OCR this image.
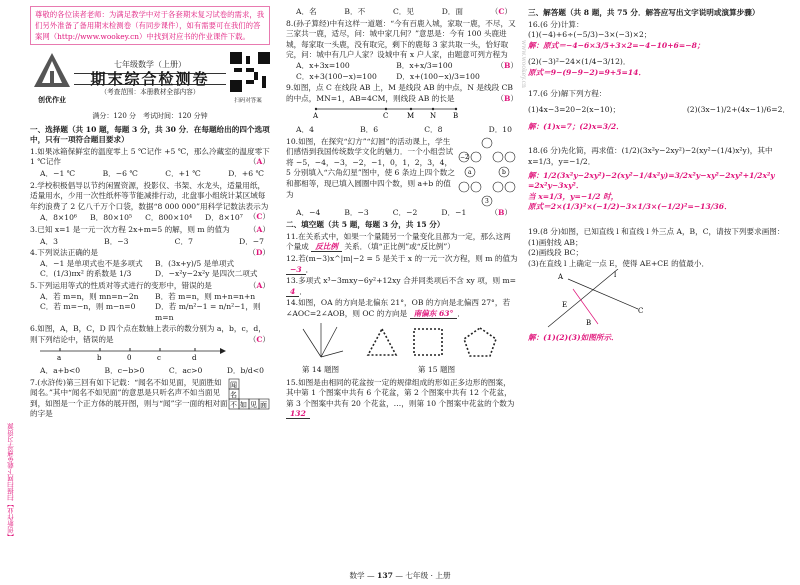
【创新作业】扫描扫网下载免费学习资源
www.wookey.cn
尊敬的各位读者老师：为满足教学中对于各套期末复习试卷的需求，我们另外准备了备用期末检测卷（有同步课件），如有需要可在我们的答案网（http://www.wookey.cn）中找到对应书的作业课件下载。
创优作业
七年级数学（上册）
期末综合检测卷
（考查范围：本册教材全部内容）
扫码对答案
满分：120 分　考试时间：120 分钟
一、选择题（共 10 题，每题 3 分，共 30 分．在每题给出的四个选项中，只有一项符合题目要求）
1.如果冰箱保鲜室的温度零上 5 ℃记作 +5 ℃，那么冷藏室的温度零下 1 ℃记作	（A）
A．−1 ℃	B．−6 ℃	C．+1 ℃	D．+6 ℃
2.学校积极倡导以节约闲置资源，投影仪、书架、水龙头，适量用纸，适量用水，少用一次性纸杯等节能减排行动，北盘事小组统计某区域每年约浪费了 2 亿八千万个口袋，数据“8 000 000”用科学记数法表示为
（C）
A．8×10⁶ B．80×10⁵ C．800×10⁴ D．8×10⁷
3.已知 x=1 是一元一次方程 2x+m=5 的解，则 m 的值为	（A）
A．3	B．−3	C．7	D．−7
4.下列说法正确的是	（D）
A．−1 是单项式也不是多项式	B．(3x+y)/5 是单项式
C．(1/3)πx² 的系数是 1/3	D．−x²y−2x²y 是四次二项式
5.下列运用等式的性质对等式进行的变形中，错误的是	（A）
A．若 m=n，则 mn=n−2n	B．若 m=n，则 m+n=n+n
C．若 m=−n，则 m−n=0	D．若 m/n²−1 = n/n²−1，则 m=n
6.如图，A，B，C，D 四个点在数轴上表示的数分别为 a，b，c，d，则下列结论中，错误的是	（C）
a	b	0	c	d
A．a+b<0	B．c−b>0	C．ac>0	D．b/d<0
7.(水浒传)第三回有如下记载：“闻名不如见面，见面胜如闻名。”其中“闻名不如见面”的意思是只听名声不如当面见到，如图是一个正方体的展开图，则与“闻”字一面的相对面的字是
闻
名
不 如 见 面
A．名	B．不	C．见	D．面	（C）
8.(孙子算经)中有这样一道题：“今有百鹿入城，家取一鹿，不尽，又三家共一鹿，适尽，问：城中家几何？”意思是：今有 100 头鹿进城，每家取一头鹿，没有取完，剩下的鹿每 3 家共取一头，恰好取完，问：城中有几户人家？设城中有 x 户人家，由题意可列方程为
（B）
A．x+3x=100	B．x+x/3=100
C．x+3(100−x)=100	D．x+(100−x)/3=100
9.如图，点 C 在线段 AB 上，M 是线段 AB 的中点，N 是线段 CB 的中点，MN=1，AB=4CM，则线段 AB 的长是	（B）
A	C	M N B
A．4	B．6	C．8	D．10
10.如图，在探究“幻方”“幻圆”的活动课上，学生们感悟到我国传统数学文化的魅力．一个小组尝试将 −5，−4，−3，−2，−1，0，1，2，3，4，5 分别填入“六角幻星”图中，使 6 条边上四个数之和都相等，现已填入圆圈中四个数，则 a+b 的值为
−2
a	b
3
A．−4	B．−3	C．−2	D．−1	（B）
二、填空题（共 5 题，每题 3 分，共 15 分）
11.在关系式中，如果一个量随另一个量变化且都为一定，那么这两个量成 反比例 关系．（填“正比例”或“反比例”）
12.若(m−3)x^|m|−2 = 5 是关于 x 的一元一次方程，则 m 的值为 −3 ．
13.多项式 x³−3mxy−6y²+12xy 合并同类项后不含 xy 项，则 m= 4 ．
14.如图，OA 的方向是北偏东 21°，OB 的方向是北偏西 27°，若∠AOC=2∠AOB，则 OC 的方向是 南偏东 63° ．
第 14 题图	第 15 题图
15.如图是由相同的花盆按一定的规律组成的形如正多边形的图案，其中第 1 个图案中共有 6 个花盆，第 2 个图案中共有 12 个花盆，第 3 个图案中共有 20 个花盆，…，则第 10 个图案中花盆的个数为 132
三、解答题（共 8 题，共 75 分．解答应写出文字说明或演算步骤）
16.(6 分)计算：
(1)(−4)+6÷(−5/3)−3×(−3)×2；
解：原式＝−4−6×3/5+3×2=−4−10+6=−8；
(2)(−3)²−24×(1/4−3/12)．
原式＝9−(9−9−2)=9+5=14．
17.(6 分)解下列方程：
(1)4x−3=20−2(x−10)；	(2)(3x−1)/2+(4x−1)/6=2．
解：(1)x=7；(2)x=3/2．
18.(6 分)先化简，再求值：(1/2)(3x²y−2xy²)−2(xy²−(1/4)x²y)，其中 x=1/3，y=−1/2．
解：1/2(3x²y−2xy²)−2(xy²−1/4x²y)=3/2x²y−xy²−2xy²+1/2x²y
=2x²y−3xy²．
当 x=1/3，y=−1/2 时，
原式＝2×(1/3)²×(−1/2)−3×1/3×(−1/2)²=−13/36．
19.(8 分)如图，已知直线 l 和直线 l 外三点 A，B，C，请按下列要求画图：
(1)画射线 AB；
(2)画线段 BC；
(3)在直线 l 上确定一点 E，使得 AE+CE 的值最小．
A
B
C
E
l
解：(1)(2)(3)如图所示．
数学 — 137 — 七年级 · 上册
